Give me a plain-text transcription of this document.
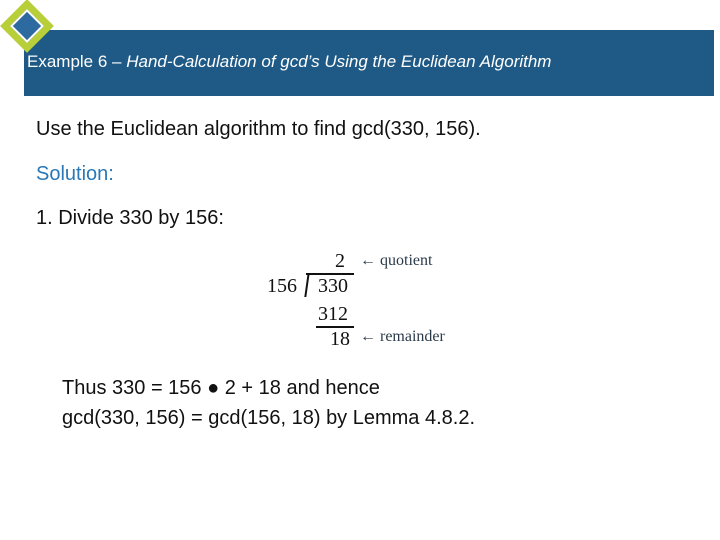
Example 6 – Hand-Calculation of gcd’s Using the Euclidean Algorithm
Use the Euclidean algorithm to find gcd(330, 156).
Solution:
1. Divide 330 by 156:
2 ← quotient
156 330
312
18 ← remainder
Thus 330 = 156 ● 2 + 18 and hence
gcd(330, 156) = gcd(156, 18) by Lemma 4.8.2.
